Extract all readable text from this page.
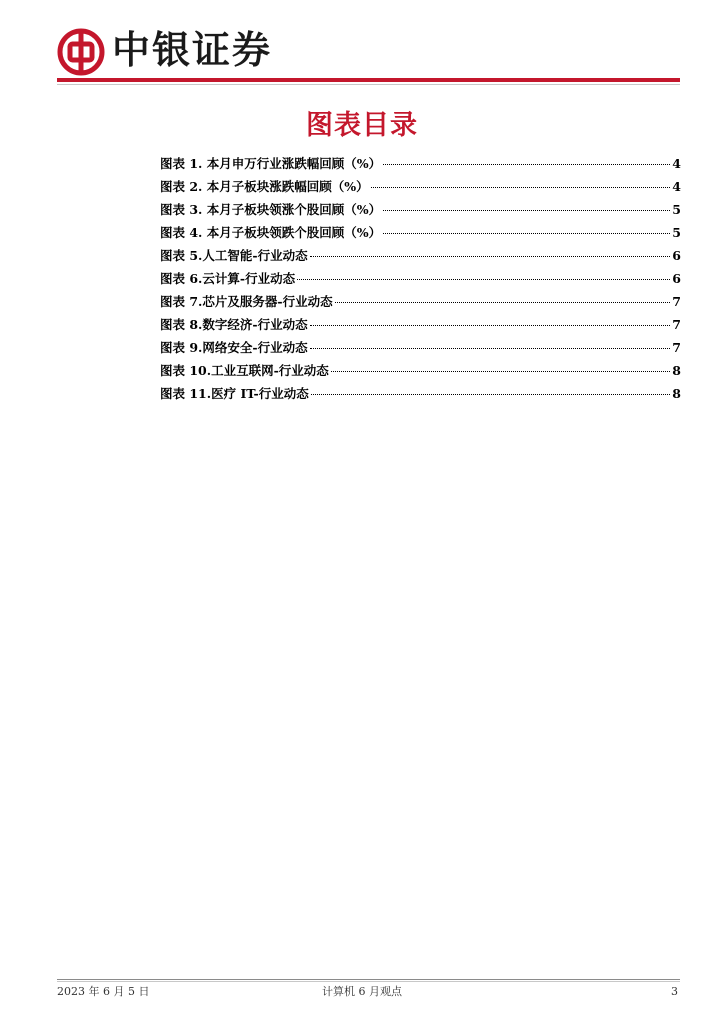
中银证券
图表目录
图表 1. 本月申万行业涨跌幅回顾（%）	4
图表 2. 本月子板块涨跌幅回顾（%）	4
图表 3. 本月子板块领涨个股回顾（%）	5
图表 4. 本月子板块领跌个股回顾（%）	5
图表 5.人工智能-行业动态	6
图表 6.云计算-行业动态	6
图表 7.芯片及服务器-行业动态	7
图表 8.数字经济-行业动态	7
图表 9.网络安全-行业动态	7
图表 10.工业互联网-行业动态	8
图表 11.医疗 IT-行业动态	8
2023 年 6 月 5 日	计算机 6 月观点	3
